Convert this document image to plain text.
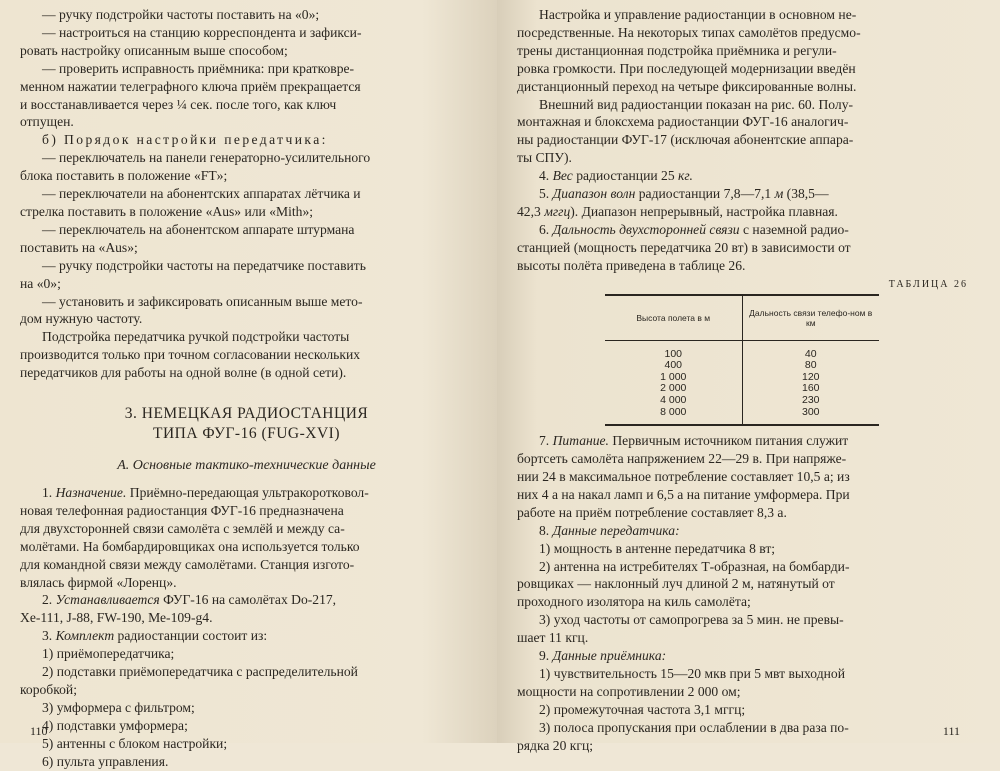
— ручку подстройки частоты поставить на «0»;
— настроиться на станцию корреспондента и зафикси-
ровать настройку описанным выше способом;
— проверить исправность приёмника: при кратковре-
менном нажатии телеграфного ключа приём прекращается
и восстанавливается через ¼ сек. после того, как ключ
отпущен.
б) Порядок настройки передатчика:
— переключатель на панели генераторно-усилительного
блока поставить в положение «FT»;
— переключатели на абонентских аппаратах лётчика и
стрелка поставить в положение «Aus» или «Mith»;
— переключатель на абонентском аппарате штурмана
поставить на «Aus»;
— ручку подстройки частоты на передатчике поставить
на «0»;
— установить и зафиксировать описанным выше мето-
дом нужную частоту.
Подстройка передатчика ручкой подстройки частоты
производится только при точном согласовании нескольких
передатчиков для работы на одной волне (в одной сети).
3. НЕМЕЦКАЯ РАДИОСТАНЦИЯ
ТИПА ФУГ-16 (FUG-XVI)
А. Основные тактико-технические данные
1. Назначение. Приёмно-передающая ультракоротковол-
новая телефонная радиостанция ФУГ-16 предназначена
для двухсторонней связи самолёта с землёй и между са-
молётами. На бомбардировщиках она используется только
для командной связи между самолётами. Станция изгото-
влялась фирмой «Лоренц».
2. Устанавливается ФУГ-16 на самолётах Do-217,
Хе-111, J-88, FW-190, Ме-109-g4.
3. Комплект радиостанции состоит из:
1) приёмопередатчика;
2) подставки приёмопередатчика с распределительной
коробкой;
3) умформера с фильтром;
4) подставки умформера;
5) антенны с блоком настройки;
6) пульта управления.
110
Настройка и управление радиостанции в основном не-
посредственные. На некоторых типах самолётов предусмо-
трены дистанционная подстройка приёмника и регули-
ровка громкости. При последующей модернизации введён
дистанционный переход на четыре фиксированные волны.
Внешний вид радиостанции показан на рис. 60. Полу-
монтажная и блоксхема радиостанции ФУГ-16 аналогич-
ны радиостанции ФУГ-17 (исключая абонентские аппара-
ты СПУ).
4. Вес радиостанции 25 кг.
5. Диапазон волн радиостанции 7,8—7,1 м (38,5—
42,3 мггц). Диапазон непрерывный, настройка плавная.
6. Дальность двухсторонней связи с наземной радио-
станцией (мощность передатчика 20 вт) в зависимости от
высоты полёта приведена в таблице 26.
ТАБЛИЦА 26
Высота полета в м	Дальность связи телефо-ном в км
100	40
400	80
1 000	120
2 000	160
4 000	230
8 000	300
7. Питание. Первичным источником питания служит
бортсеть самолёта напряжением 22—29 в. При напряже-
нии 24 в максимальное потребление составляет 10,5 а; из
них 4 а на накал ламп и 6,5 а на питание умформера. При
работе на приём потребление составляет 8,3 а.
8. Данные передатчика:
1) мощность в антенне передатчика 8 вт;
2) антенна на истребителях Т-образная, на бомбарди-
ровщиках — наклонный луч длиной 2 м, натянутый от
проходного изолятора на киль самолёта;
3) уход частоты от самопрогрева за 5 мин. не превы-
шает 11 кгц.
9. Данные приёмника:
1) чувствительность 15—20 мкв при 5 мвт выходной
мощности на сопротивлении 2 000 ом;
2) промежуточная частота 3,1 мггц;
3) полоса пропускания при ослаблении в два раза по-
рядка 20 кгц;
111
